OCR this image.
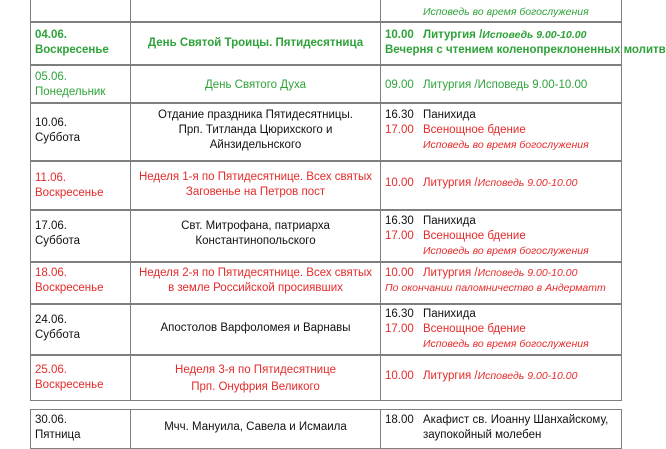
Исповедь во время богослужения
04.06.
Воскресенье
День Святой Троицы. Пятидесятница
10.00 Литургия /Исповедь 9.00-10.00
Вечерня с чтением коленопреклоненных молитв
05.06.
Понедельник
День Святого Духа	09.00 Литургия /Исповедь 9.00-10.00
10.06.
Суббота
Отдание праздника Пятидесятницы.
Прп. Титланда Цюрихского и
Айнзидельнского
16.30 Панихида
17.00 Всенощное бдение
Исповедь во время богослужения
11.06.
Воскресенье
Неделя 1-я по Пятидесятнице. Всех святых
Заговенье на Петров пост
10.00 Литургия /Исповедь 9.00-10.00
17.06.
Суббота
Свт. Митрофана, патриарха
Константинопольского
16.30 Панихида
17.00 Всенощное бдение
Исповедь во время богослужения
18.06.
Воскресенье
Неделя 2-я по Пятидесятнице. Всех святых
в земле Российской просиявших
10.00 Литургия /Исповедь 9.00-10.00
По окончании паломничество в Андерматт
24.06.
Суббота
Апостолов Варфоломея и Варнавы
16.30 Панихида
17.00 Всенощное бдение
Исповедь во время богослужения
25.06.
Воскресенье
Неделя 3-я по Пятидесятнице
Прп. Онуфрия Великого
10.00 Литургия /Исповедь 9.00-10.00
30.06.
Пятница
Мчч. Мануила, Савела и Исмаила
18.00 Акафист св. Иоанну Шанхайскому,
заупокойный молебен
